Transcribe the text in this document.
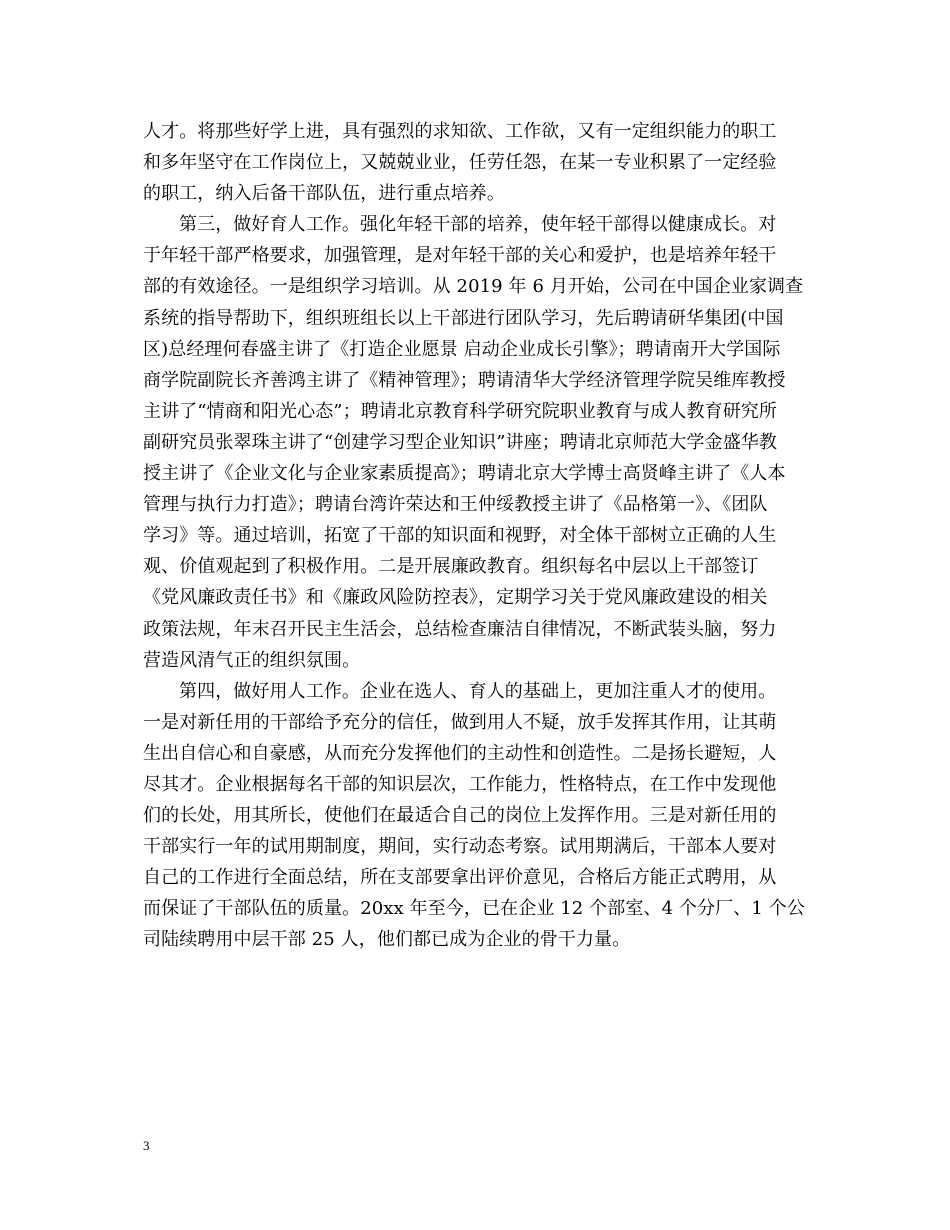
人才。将那些好学上进，具有强烈的求知欲、工作欲，又有一定组织能力的职工
和多年坚守在工作岗位上，又兢兢业业，任劳任怨，在某一专业积累了一定经验
的职工，纳入后备干部队伍，进行重点培养。
第三，做好育人工作。强化年轻干部的培养，使年轻干部得以健康成长。对
于年轻干部严格要求，加强管理，是对年轻干部的关心和爱护，也是培养年轻干
部的有效途径。一是组织学习培训。从 2019 年 6 月开始，公司在中国企业家调查
系统的指导帮助下，组织班组长以上干部进行团队学习，先后聘请研华集团(中国
区)总经理何春盛主讲了《打造企业愿景 启动企业成长引擎》；聘请南开大学国际
商学院副院长齐善鸿主讲了《精神管理》；聘请清华大学经济管理学院吴维库教授
主讲了“情商和阳光心态”；聘请北京教育科学研究院职业教育与成人教育研究所
副研究员张翠珠主讲了“创建学习型企业知识”讲座；聘请北京师范大学金盛华教
授主讲了《企业文化与企业家素质提高》；聘请北京大学博士高贤峰主讲了《人本
管理与执行力打造》；聘请台湾许荣达和王仲绥教授主讲了《品格第一》、《团队
学习》等。通过培训，拓宽了干部的知识面和视野，对全体干部树立正确的人生
观、价值观起到了积极作用。二是开展廉政教育。组织每名中层以上干部签订
《党风廉政责任书》和《廉政风险防控表》，定期学习关于党风廉政建设的相关
政策法规，年末召开民主生活会，总结检查廉洁自律情况，不断武装头脑，努力
营造风清气正的组织氛围。
第四，做好用人工作。企业在选人、育人的基础上，更加注重人才的使用。
一是对新任用的干部给予充分的信任，做到用人不疑，放手发挥其作用，让其萌
生出自信心和自豪感，从而充分发挥他们的主动性和创造性。二是扬长避短，人
尽其才。企业根据每名干部的知识层次，工作能力，性格特点，在工作中发现他
们的长处，用其所长，使他们在最适合自己的岗位上发挥作用。三是对新任用的
干部实行一年的试用期制度，期间，实行动态考察。试用期满后，干部本人要对
自己的工作进行全面总结，所在支部要拿出评价意见，合格后方能正式聘用，从
而保证了干部队伍的质量。20xx 年至今，已在企业 12 个部室、4 个分厂、1 个公
司陆续聘用中层干部 25 人，他们都已成为企业的骨干力量。
3
